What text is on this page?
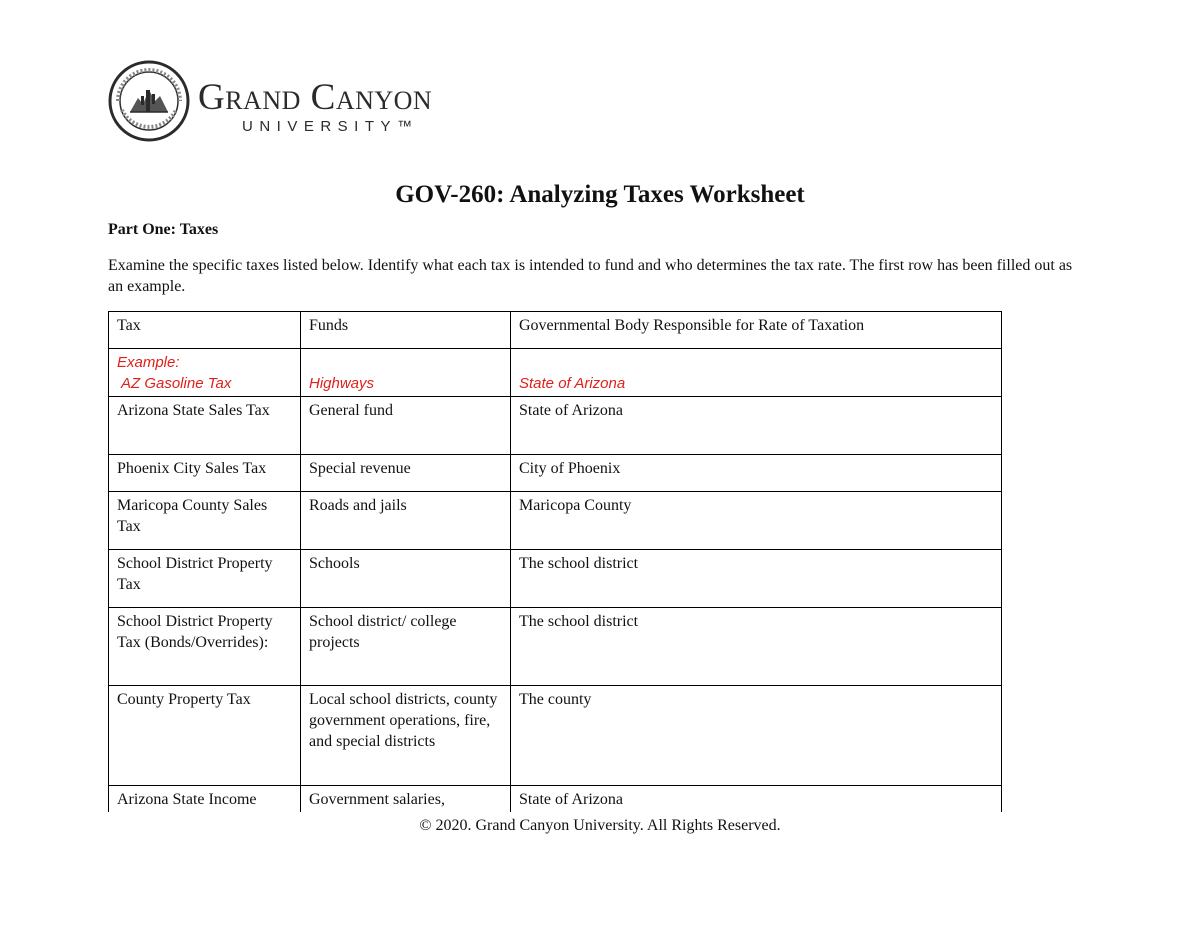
Grand Canyon
UNIVERSITY™
GOV-260: Analyzing Taxes Worksheet
Part One: Taxes
Examine the specific taxes listed below. Identify what each tax is intended to fund and who determines the tax rate. The first row has been filled out as an example.
Tax	Funds	Governmental Body Responsible for Rate of Taxation

Example:
AZ Gasoline Tax	Highways	State of Arizona

Arizona State Sales Tax	General fund	State of Arizona
Phoenix City Sales Tax	Special revenue	City of Phoenix
Maricopa County Sales Tax	Roads and jails	Maricopa County
School District Property Tax	Schools	The school district
School District Property Tax (Bonds/Overrides):	School district/ college projects	The school district
County Property Tax	Local school districts, county government operations, fire, and special districts	The county
Arizona State Income	Government salaries,	State of Arizona
© 2020. Grand Canyon University. All Rights Reserved.
